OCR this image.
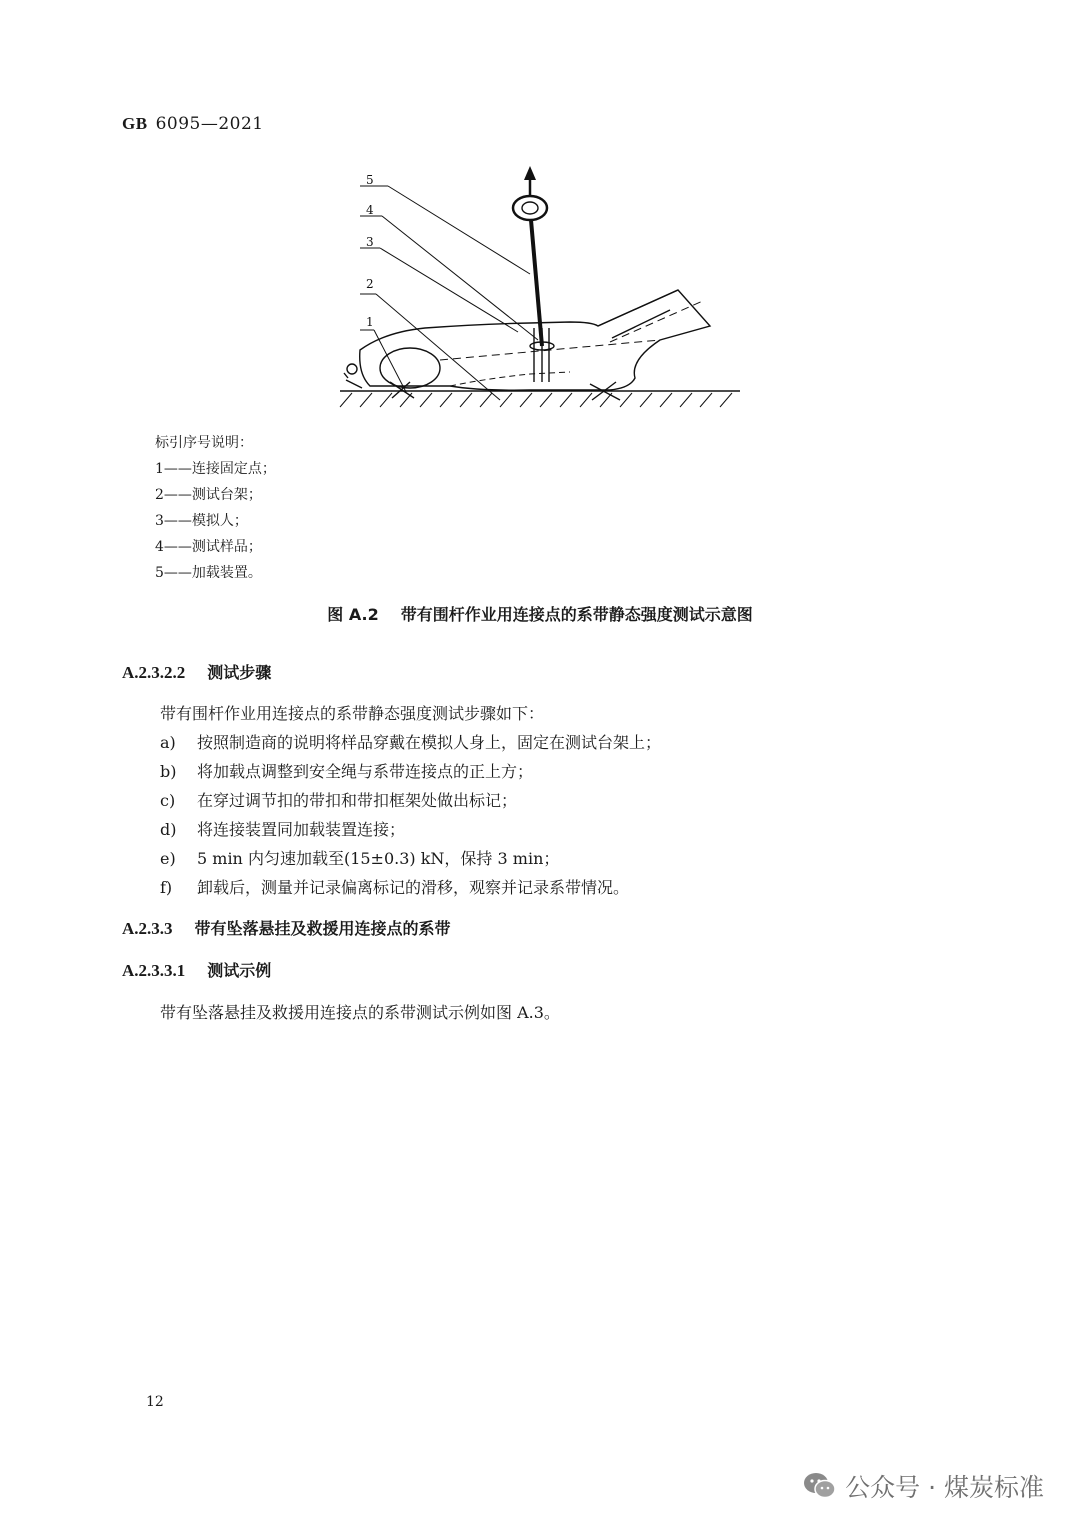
GB 6095—2021
5
4
3
2
1
标引序号说明：
1——连接固定点；
2——测试台架；
3——模拟人；
4——测试样品；
5——加载装置。
图 A.2 带有围杆作业用连接点的系带静态强度测试示意图
A.2.3.2.2 测试步骤
带有围杆作业用连接点的系带静态强度测试步骤如下：
a) 按照制造商的说明将样品穿戴在模拟人身上，固定在测试台架上；
b) 将加载点调整到安全绳与系带连接点的正上方；
c) 在穿过调节扣的带扣和带扣框架处做出标记；
d) 将连接装置同加载装置连接；
e) 5 min 内匀速加载至(15±0.3) kN，保持 3 min；
f) 卸载后，测量并记录偏离标记的滑移，观察并记录系带情况。
A.2.3.3 带有坠落悬挂及救援用连接点的系带
A.2.3.3.1 测试示例
带有坠落悬挂及救援用连接点的系带测试示例如图 A.3。
12
公众号 · 煤炭标准
